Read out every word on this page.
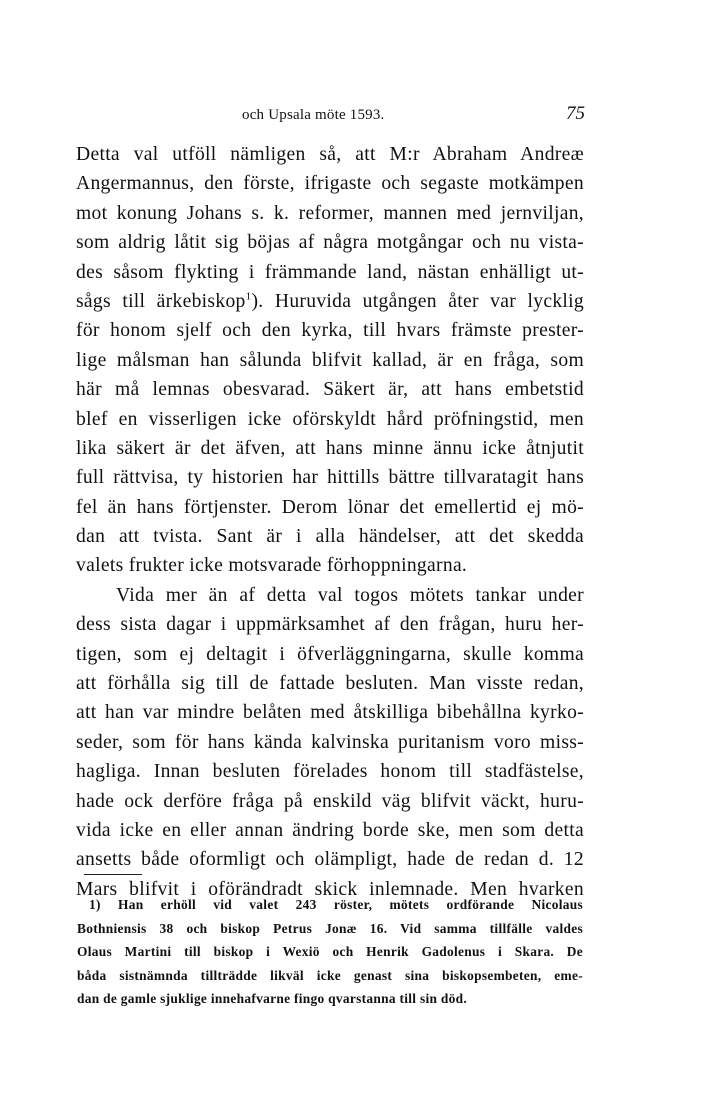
och Upsala möte 1593.	75
Detta val utföll nämligen så, att M:r Abraham Andreæ
Angermannus, den förste, ifrigaste och segaste motkämpen
mot konung Johans s. k. reformer, mannen med jernviljan,
som aldrig låtit sig böjas af några motgångar och nu vista-
des såsom flykting i främmande land, nästan enhälligt ut-
sågs till ärkebiskop$^1$). Huruvida utgången åter var lycklig
för honom sjelf och den kyrka, till hvars främste prester-
lige målsman han sålunda blifvit kallad, är en fråga, som
här må lemnas obesvarad. Säkert är, att hans embetstid
blef en visserligen icke oförskyldt hård pröfningstid, men
lika säkert är det äfven, att hans minne ännu icke åtnjutit
full rättvisa, ty historien har hittills bättre tillvaratagit hans
fel än hans förtjenster. Derom lönar det emellertid ej mö-
dan att tvista. Sant är i alla händelser, att det skedda
valets frukter icke motsvarade förhoppningarna.
Vida mer än af detta val togos mötets tankar under
dess sista dagar i uppmärksamhet af den frågan, huru her-
tigen, som ej deltagit i öfverläggningarna, skulle komma
att förhålla sig till de fattade besluten. Man visste redan,
att han var mindre belåten med åtskilliga bibehållna kyrko-
seder, som för hans kända kalvinska puritanism voro miss-
hagliga. Innan besluten förelades honom till stadfästelse,
hade ock derföre fråga på enskild väg blifvit väckt, huru-
vida icke en eller annan ändring borde ske, men som detta
ansetts både oformligt och olämpligt, hade de redan d. 12
Mars blifvit i oförändradt skick inlemnade. Men hvarken
1) Han erhöll vid valet 243 röster, mötets ordförande Nicolaus
Bothniensis 38 och biskop Petrus Jonæ 16. Vid samma tillfälle valdes
Olaus Martini till biskop i Wexiö och Henrik Gadolenus i Skara. De
båda sistnämnda tillträdde likväl icke genast sina biskopsembeten, eme-
dan de gamle sjuklige innehafvarne fingo qvarstanna till sin död.
